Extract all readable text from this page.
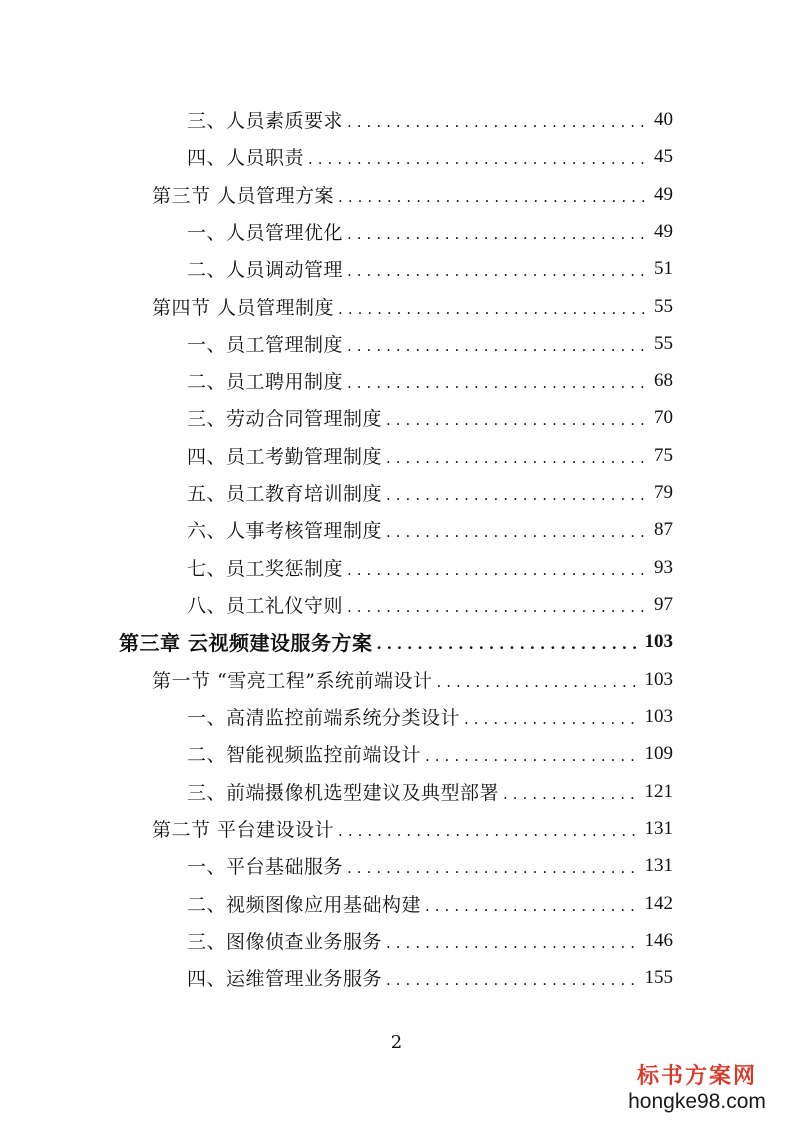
三、人员素质要求 .....	40
四、人员职责 .....	45
第三节 人员管理方案 .....	49
一、人员管理优化 .....	49
二、人员调动管理 .....	51
第四节 人员管理制度 .....	55
一、员工管理制度 .....	55
二、员工聘用制度 .....	68
三、劳动合同管理制度 .....	70
四、员工考勤管理制度 .....	75
五、员工教育培训制度 .....	79
六、人事考核管理制度 .....	87
七、员工奖惩制度 .....	93
八、员工礼仪守则 .....	97
第三章 云视频建设服务方案 .....	103
第一节 “雪亮工程”系统前端设计 .....	103
一、高清监控前端系统分类设计 .....	103
二、智能视频监控前端设计 .....	109
三、前端摄像机选型建议及典型部署 .....	121
第二节 平台建设设计 .....	131
一、平台基础服务 .....	131
二、视频图像应用基础构建 .....	142
三、图像侦查业务服务 .....	146
四、运维管理业务服务 .....	155
2
标书方案网
hongke98.com
